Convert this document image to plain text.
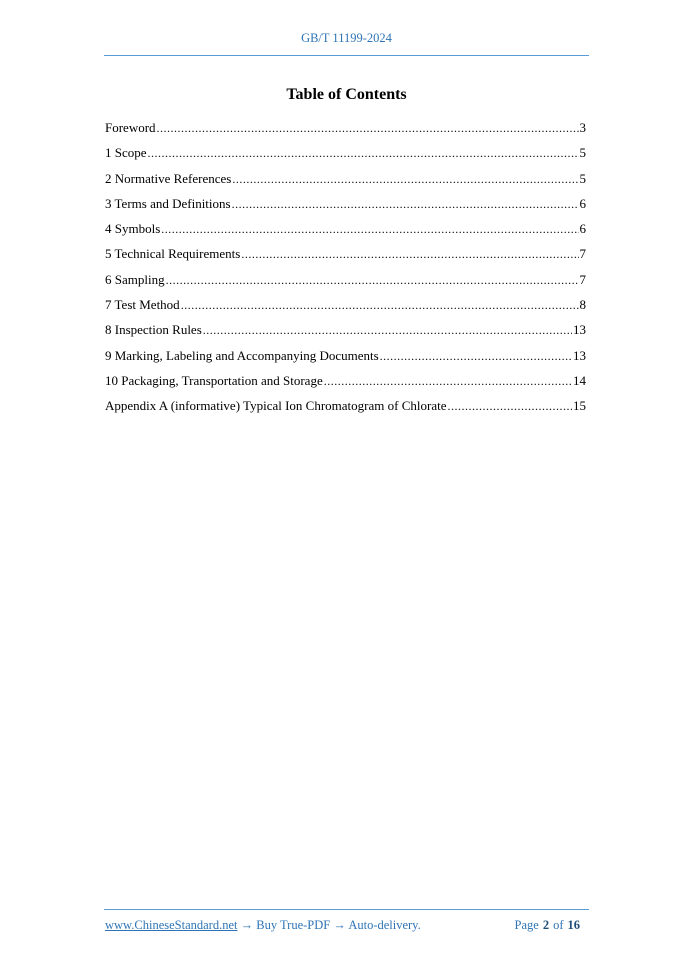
GB/T 11199-2024
Table of Contents
Foreword .....	3
1 Scope .....	5
2 Normative References .....	5
3 Terms and Definitions .....	6
4 Symbols .....	6
5 Technical Requirements .....	7
6 Sampling .....	7
7 Test Method .....	8
8 Inspection Rules .....	13
9 Marking, Labeling and Accompanying Documents .....	13
10 Packaging, Transportation and Storage .....	14
Appendix A (informative) Typical Ion Chromatogram of Chlorate .....	15
www.ChineseStandard.net → Buy True-PDF → Auto-delivery.	Page 2 of 16
